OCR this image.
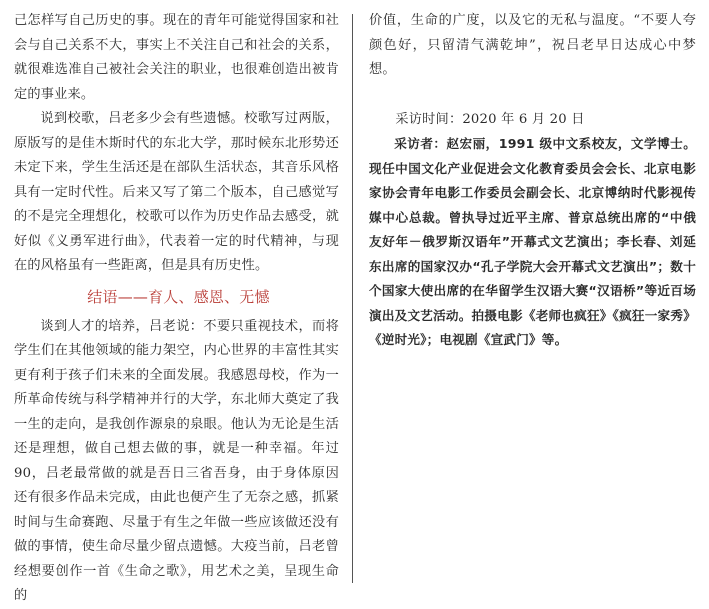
己怎样写自己历史的事。现在的青年可能觉得国家和社会与自己关系不大，事实上不关注自己和社会的关系，就很难选准自己被社会关注的职业，也很难创造出被肯定的事业来。

说到校歌，吕老多少会有些遗憾。校歌写过两版，原版写的是佳木斯时代的东北大学，那时候东北形势还未定下来，学生生活还是在部队生活状态，其音乐风格具有一定时代性。后来又写了第二个版本，自己感觉写的不是完全理想化，校歌可以作为历史作品去感受，就好似《义勇军进行曲》，代表着一定的时代精神，与现在的风格虽有一些距离，但是具有历史性。

结语——育人、感恩、无憾

谈到人才的培养，吕老说：不要只重视技术，而将学生们在其他领域的能力架空，内心世界的丰富性其实更有利于孩子们未来的全面发展。我感恩母校，作为一所革命传统与科学精神并行的大学，东北师大奠定了我一生的走向，是我创作源泉的泉眼。他认为无论是生活还是理想，做自己想去做的事，就是一种幸福。年过90，吕老最常做的就是吾日三省吾身，由于身体原因还有很多作品未完成，由此也便产生了无奈之感，抓紧时间与生命赛跑、尽量于有生之年做一些应该做还没有做的事情，使生命尽量少留点遗憾。大疫当前，吕老曾经想要创作一首《生命之歌》，用艺术之美，呈现生命的

价值，生命的广度，以及它的无私与温度。“不要人夸颜色好，只留清气满乾坤”，祝吕老早日达成心中梦想。

采访时间：2020 年 6 月 20 日

采访者：赵宏丽，1991 级中文系校友，文学博士。现任中国文化产业促进会文化教育委员会会长、北京电影家协会青年电影工作委员会副会长、北京博纳时代影视传媒中心总裁。曾执导过近平主席、普京总统出席的“中俄友好年－俄罗斯汉语年”开幕式文艺演出；李长春、刘延东出席的国家汉办“孔子学院大会开幕式文艺演出”；数十个国家大使出席的在华留学生汉语大赛“汉语桥”等近百场演出及文艺活动。拍摄电影《老师也疯狂》《疯狂一家秀》《逆时光》；电视剧《宣武门》等。
